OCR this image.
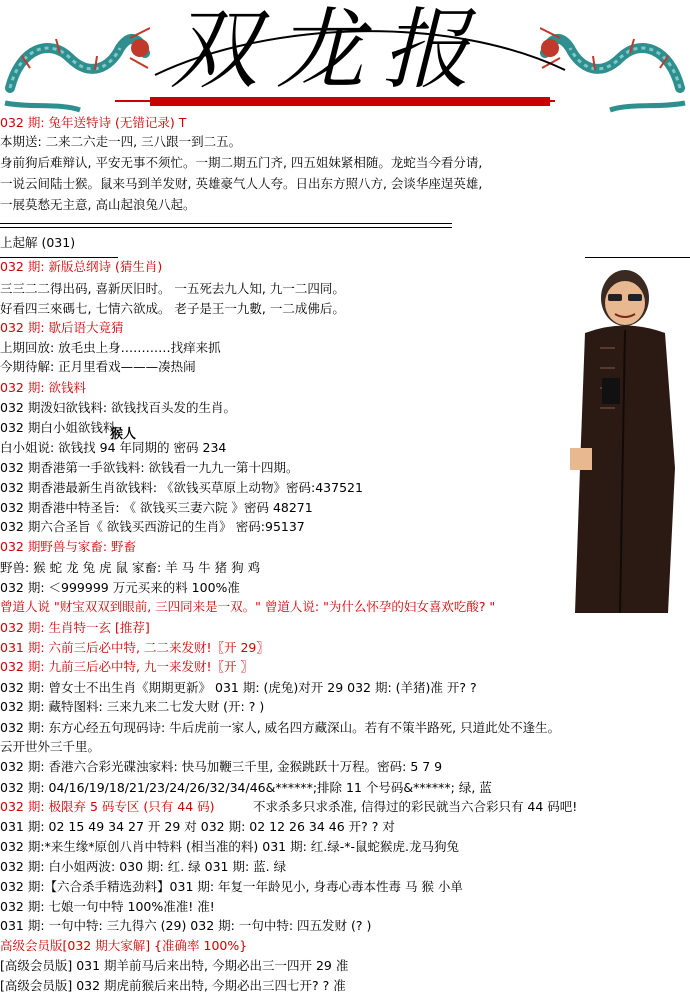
双龙报
032 期: 兔年送特诗 (无错记录) T
本期送: 二来二六走一四, 三八跟一到二五。
身前狗后难辩认, 平安无事不须忙。一期二期五门齐, 四五姐妹紧相随。龙蛇当今看分请,
一说云间陆士猴。鼠来马到羊发财, 英雄豪气人人夸。日出东方照八方, 会谈华座逞英雄,
一展莫愁无主意, 高山起浪兔八起。
上起解 (031)
032 期: 新版总纲诗 (猜生肖)
三三二二得出码, 喜新厌旧时。 一五死去九人知, 九一二四同。
好看四三來碼七, 七情六欲成。 老子是王一九數, 一二成佛后。
032 期: 歇后语大竟猜
上期回放: 放毛虫上身…………找痒来抓
今期待解: 正月里看戏———凑热闹
032 期: 欲钱料
032 期泼妇欲钱料: 欲钱找百头发的生肖。
032 期白小姐欲钱料
白小姐说: 欲钱找 94 年同期的 密码 234
032 期香港第一手欲钱料: 欲钱看一九九一第十四期。
032 期香港最新生肖欲钱料: 《欲钱买草原上动物》密码:437521
032 期香港中特圣旨: 《 欲钱买三妻六院 》密码 48271
032 期六合圣旨《 欲钱买西游记的生肖》 密码:95137
032 期野兽与家畜: 野畜
野兽: 猴 蛇 龙 兔 虎 鼠 家畜: 羊 马 牛 猪 狗 鸡
032 期: ＜999999 万元买来的料 100%准
曾道人说 "财宝双双到眼前, 三四同来是一双。" 曾道人说: "为什么怀孕的妇女喜欢吃酸? "
032 期: 生肖特一玄 [推荐]
031 期: 六前三后必中特, 二二来发财!〖开 29〗
032 期: 九前三后必中特, 九一来发财!〖开 〗
032 期: 曾女士不出生肖《期期更新》 031 期: (虎兔)对开 29 032 期: (羊猪)准 开? ?
032 期: 藏特图料: 三来九来二七发大财 (开: ? )
032 期: 东方心经五句现码诗: 牛后虎前一家人, 威名四方藏深山。若有不策半路死, 只道此处不逢生。
云开世外三千里。
032 期: 香港六合彩光碟浊家料: 快马加鞭三千里, 金猴跳跃十万程。密码: 5 7 9
032 期: 04/16/19/18/21/23/24/26/32/34/46&******;排除 11 个号码&******; 绿, 蓝
032 期: 极限弃 5 码专区 (只有 44 码)	不求杀多只求杀准, 信得过的彩民就当六合彩只有 44 码吧!
031 期: 02 15 49 34 27 开 29 对 032 期: 02 12 26 34 46 开? ? 对
032 期:*来生缘*原创八肖中特料 (相当准的料) 031 期: 红.绿-*-鼠蛇猴虎.龙马狗兔
032 期: 白小姐两波: 030 期: 红. 绿 031 期: 蓝. 绿
032 期:【六合杀手精选劲料】031 期: 年复一年龄见小, 身毒心毒本性毒 马 猴 小单
032 期: 七娘一句中特 100%准准! 准!
031 期: 一句中特: 三九得六 (29) 032 期: 一句中特: 四五发财 (? )
高级会员版[032 期大家解] {准确率 100%}
[高级会员版] 031 期羊前马后来出特, 今期必出三一四开 29 准
[高级会员版] 032 期虎前猴后来出特, 今期必出三四七开? ? 准
猴人
